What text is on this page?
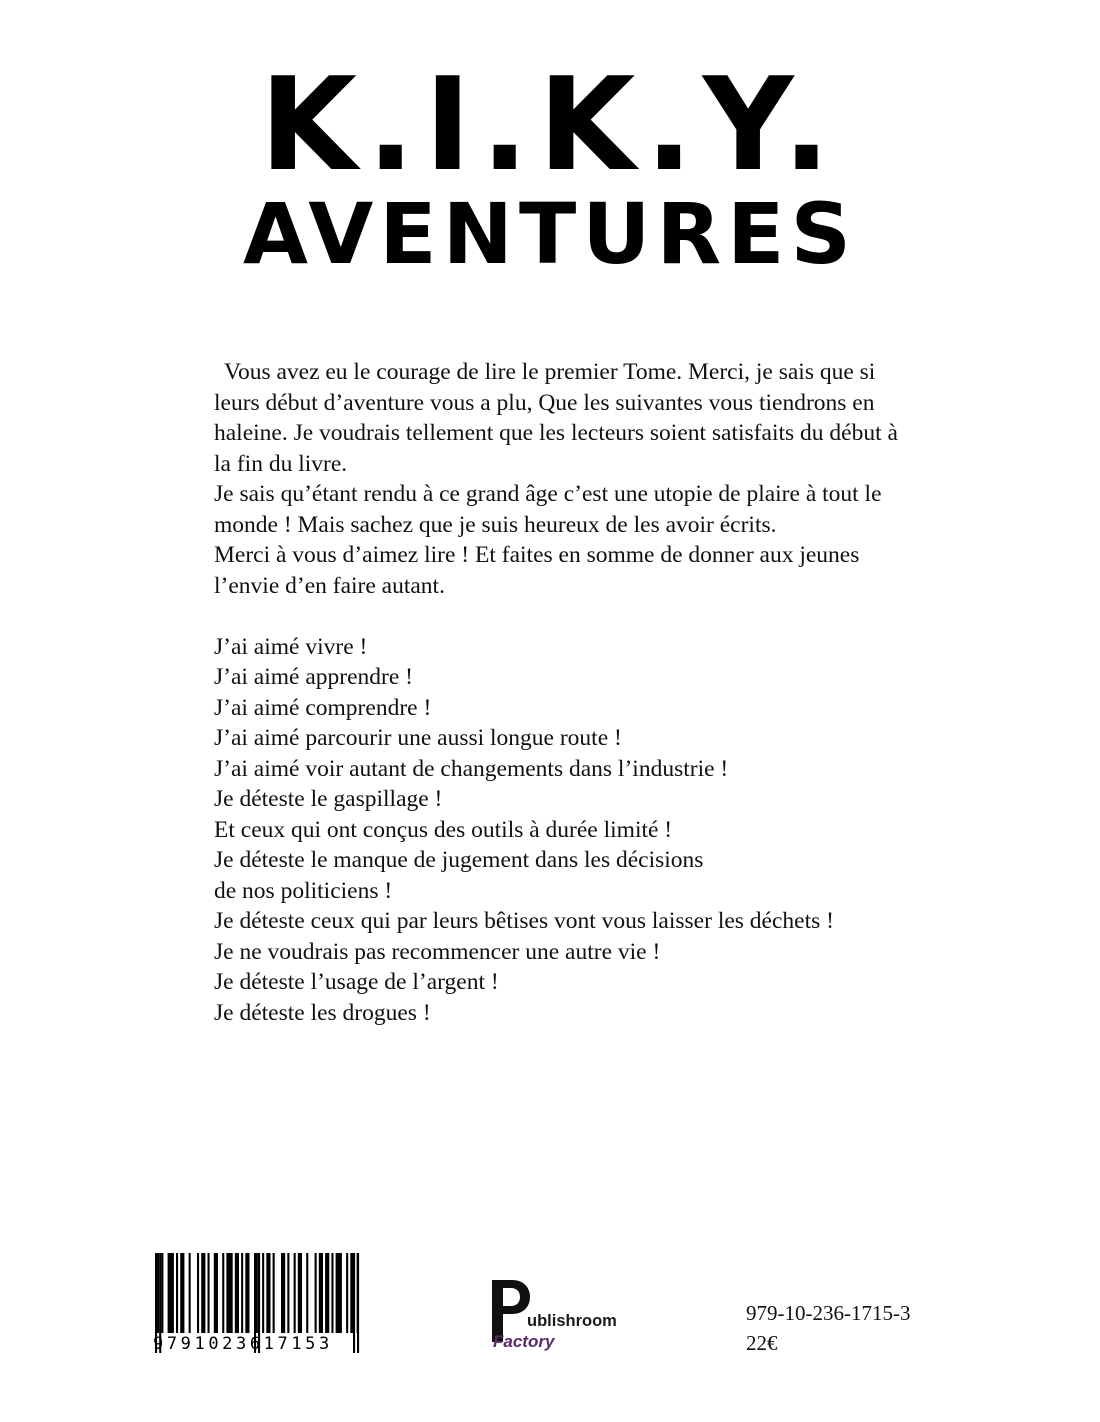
K.I.K.Y.
AVENTURES

Vous avez eu le courage de lire le premier Tome. Merci, je sais que si leurs début d’aventure vous a plu, Que les suivantes vous tiendrons en haleine. Je voudrais tellement que les lecteurs soient satisfaits du début à la fin du livre.

Je sais qu’étant rendu à ce grand âge c’est une utopie de plaire à tout le monde ! Mais sachez que je suis heureux de les avoir écrits.

Merci à vous d’aimez lire ! Et faites en somme de donner aux jeunes l’envie d’en faire autant.

J’ai aimé vivre !

J’ai aimé apprendre !

J’ai aimé comprendre !

J’ai aimé parcourir une aussi longue route !

J’ai aimé voir autant de changements dans l’industrie !

Je déteste le gaspillage !

Et ceux qui ont conçus des outils à durée limité !

Je déteste le manque de jugement dans les décisions

de nos politiciens !

Je déteste ceux qui par leurs bêtises vont vous laisser les déchets !

Je ne voudrais pas recommencer une autre vie !

Je déteste l’usage de l’argent !

Je déteste les drogues !

9791023617153
ublishroom
Factory
979-10-236-1715-3
22€
